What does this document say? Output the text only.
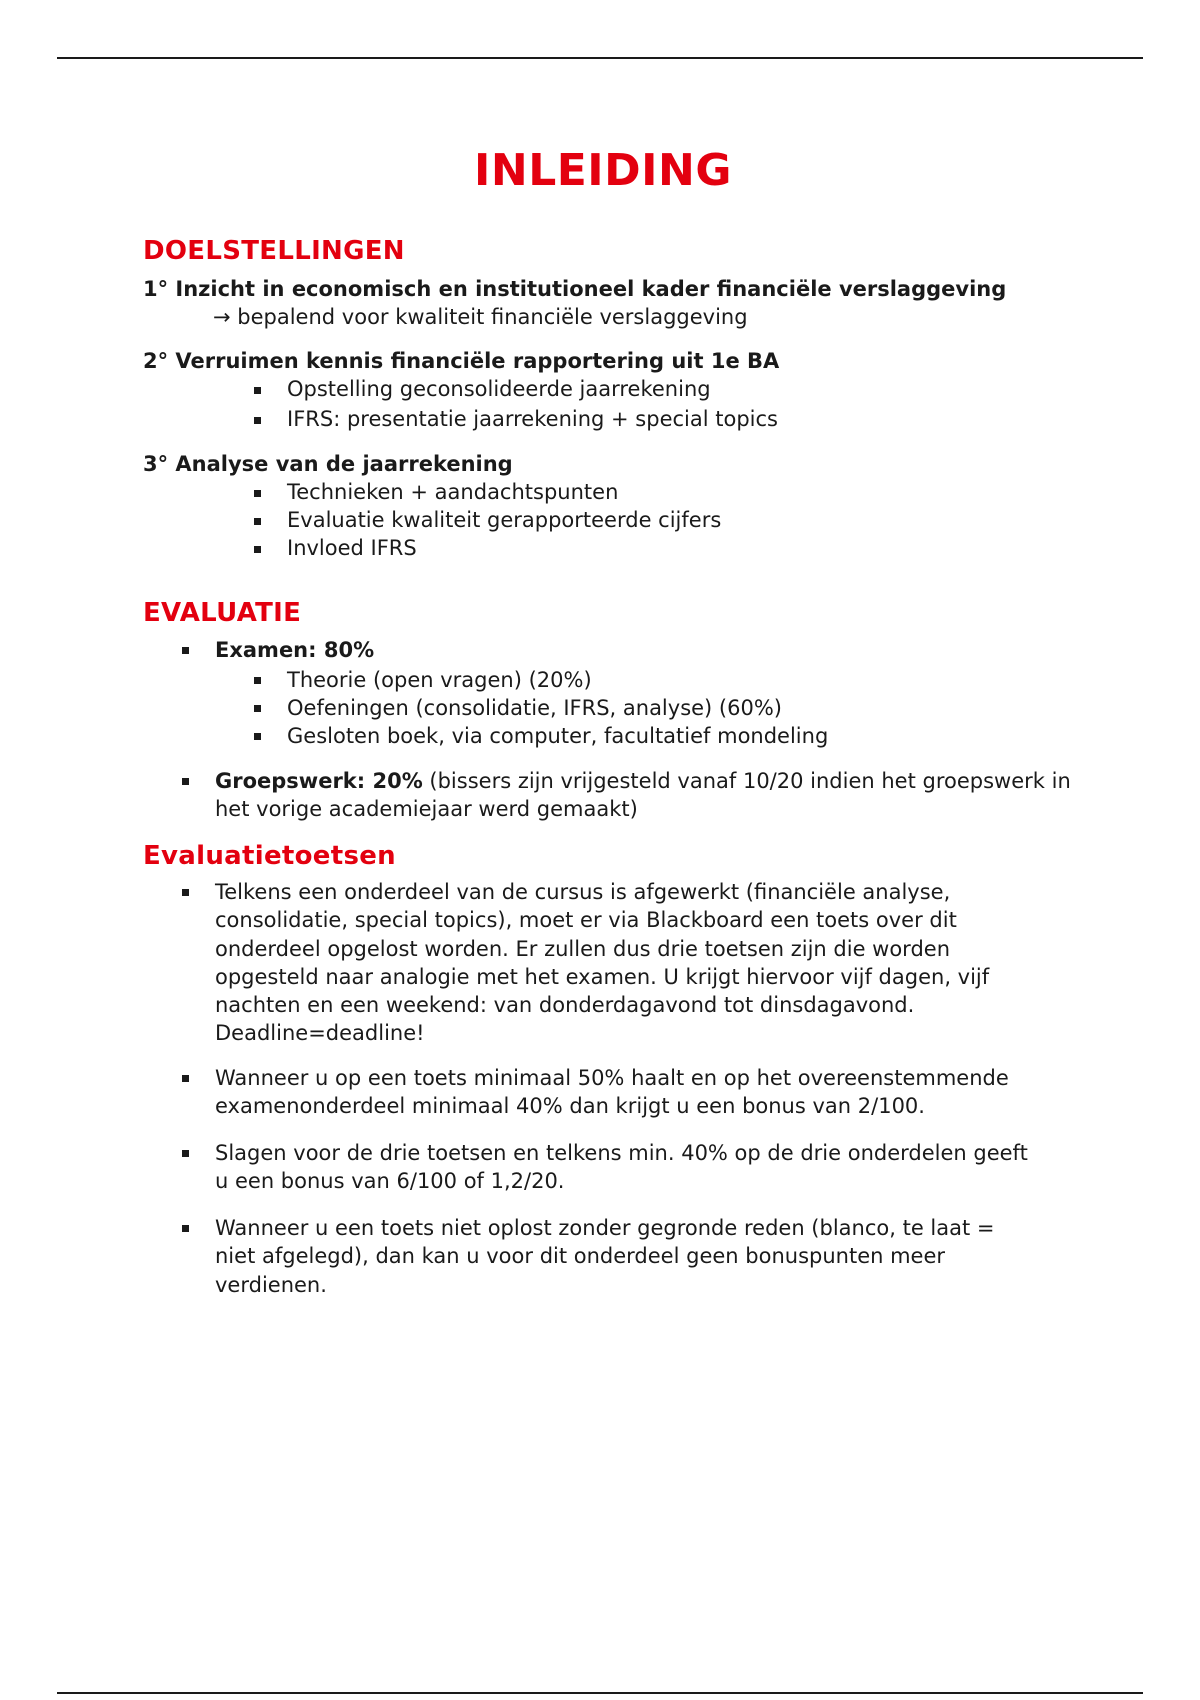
INLEIDING
DOELSTELLINGEN
1° Inzicht in economisch en institutioneel kader financiële verslaggeving
→ bepalend voor kwaliteit financiële verslaggeving
2° Verruimen kennis financiële rapportering uit 1e BA
Opstelling geconsolideerde jaarrekening
IFRS: presentatie jaarrekening + special topics
3° Analyse van de jaarrekening
Technieken + aandachtspunten
Evaluatie kwaliteit gerapporteerde cijfers
Invloed IFRS
EVALUATIE
Examen: 80%
Theorie (open vragen) (20%)
Oefeningen (consolidatie, IFRS, analyse) (60%)
Gesloten boek, via computer, facultatief mondeling
Groepswerk: 20% (bissers zijn vrijgesteld vanaf 10/20 indien het groepswerk in
het vorige academiejaar werd gemaakt)
Evaluatietoetsen
Telkens een onderdeel van de cursus is afgewerkt (financiële analyse,
consolidatie, special topics), moet er via Blackboard een toets over dit
onderdeel opgelost worden. Er zullen dus drie toetsen zijn die worden
opgesteld naar analogie met het examen. U krijgt hiervoor vijf dagen, vijf
nachten en een weekend: van donderdagavond tot dinsdagavond.
Deadline=deadline!
Wanneer u op een toets minimaal 50% haalt en op het overeenstemmende
examenonderdeel minimaal 40% dan krijgt u een bonus van 2/100.
Slagen voor de drie toetsen en telkens min. 40% op de drie onderdelen geeft
u een bonus van 6/100 of 1,2/20.
Wanneer u een toets niet oplost zonder gegronde reden (blanco, te laat =
niet afgelegd), dan kan u voor dit onderdeel geen bonuspunten meer
verdienen.
